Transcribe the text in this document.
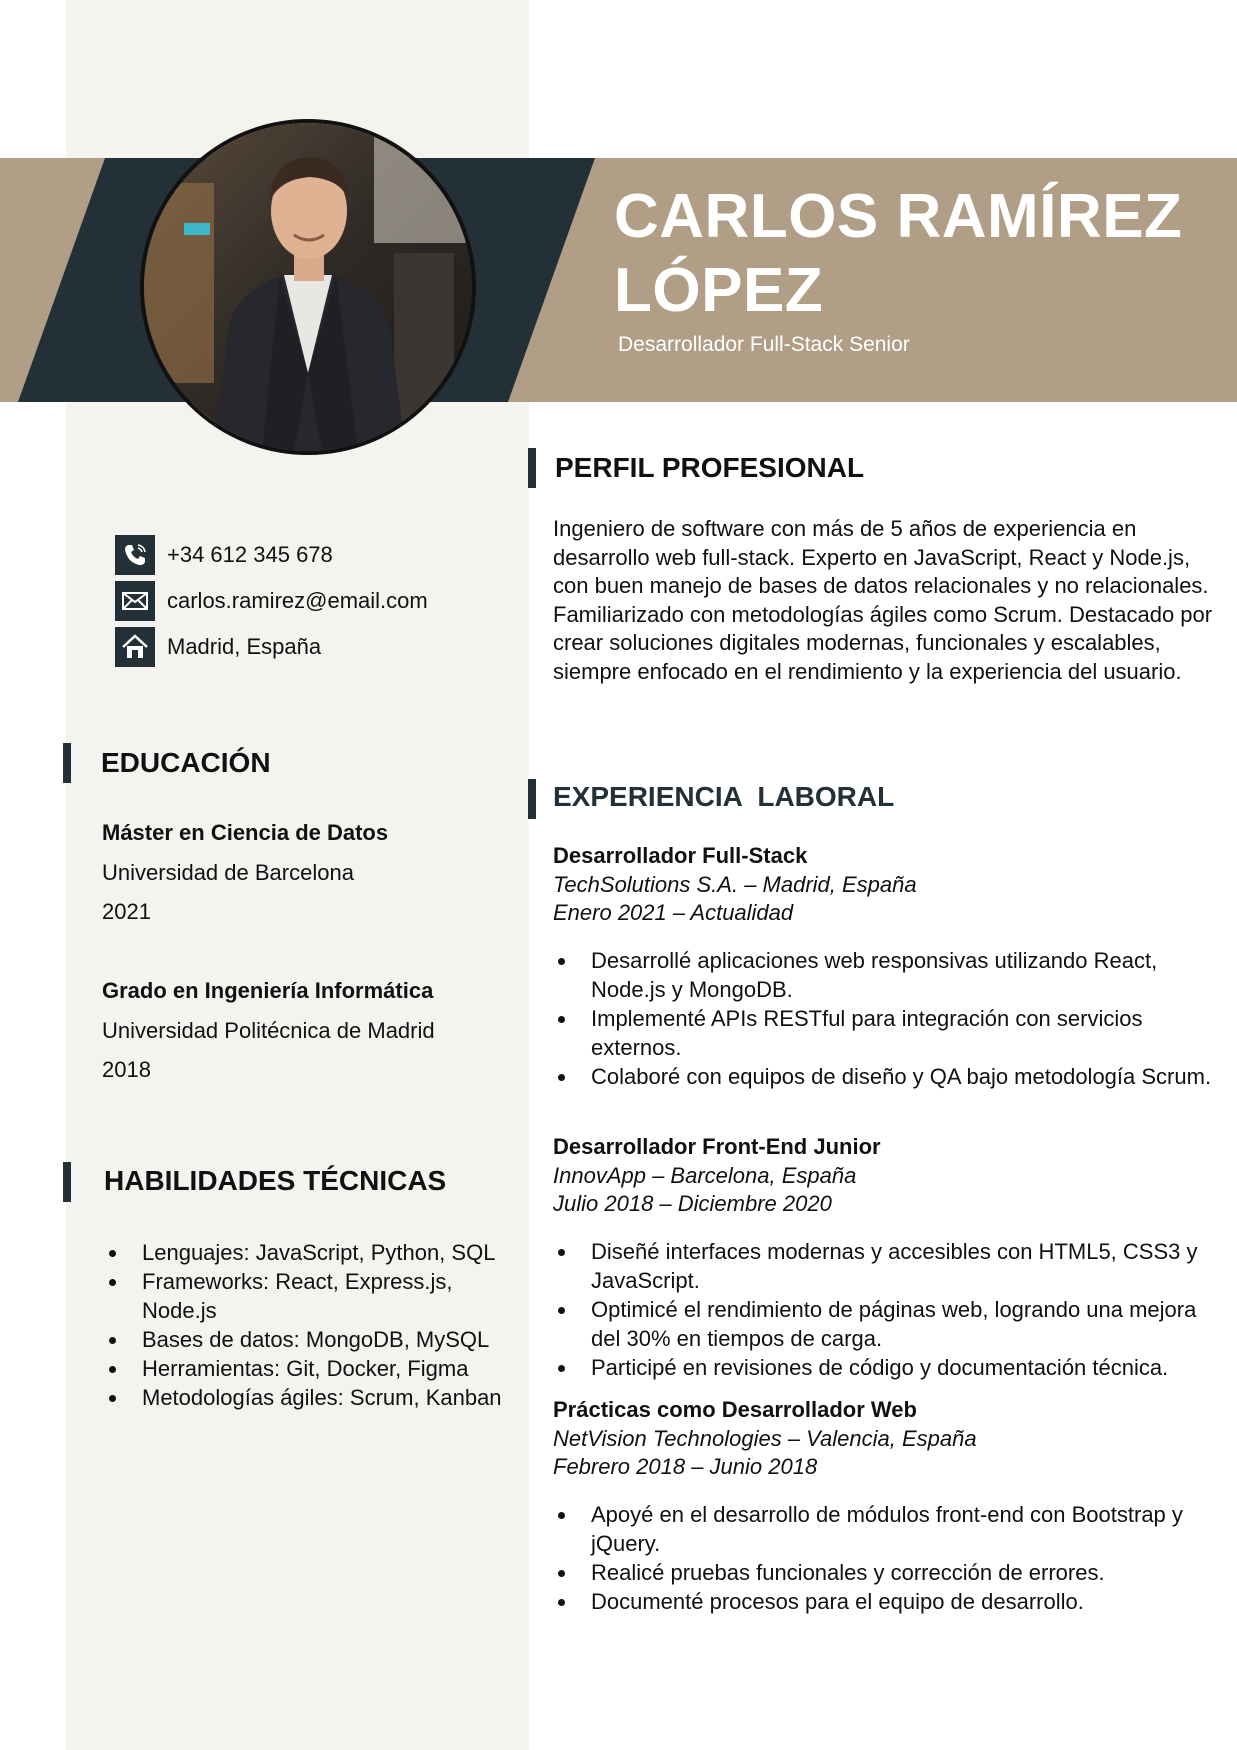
CARLOS RAMÍREZ
LÓPEZ
Desarrollador Full-Stack Senior
+34 612 345 678
carlos.ramirez@email.com
Madrid, España
EDUCACIÓN
Máster en Ciencia de Datos
Universidad de Barcelona
2021
Grado en Ingeniería Informática
Universidad Politécnica de Madrid
2018
HABILIDADES TÉCNICAS
Lenguajes: JavaScript, Python, SQL
Frameworks: React, Express.js, Node.js
Bases de datos: MongoDB, MySQL
Herramientas: Git, Docker, Figma
Metodologías ágiles: Scrum, Kanban
PERFIL PROFESIONAL

Ingeniero de software con más de 5 años de experiencia en desarrollo web full-stack. Experto en JavaScript, React y Node.js, con buen manejo de bases de datos relacionales y no relacionales. Familiarizado con metodologías ágiles como Scrum. Destacado por crear soluciones digitales modernas, funcionales y escalables, siempre enfocado en el rendimiento y la experiencia del usuario.

EXPERIENCIA  LABORAL
Desarrollador Full-Stack
TechSolutions S.A. – Madrid, España
Enero 2021 – Actualidad
Desarrollé aplicaciones web responsivas utilizando React, Node.js y MongoDB.
Implementé APIs RESTful para integración con servicios externos.
Colaboré con equipos de diseño y QA bajo metodología Scrum.
Desarrollador Front-End Junior
InnovApp – Barcelona, España
Julio 2018 – Diciembre 2020
Diseñé interfaces modernas y accesibles con HTML5, CSS3 y JavaScript.
Optimicé el rendimiento de páginas web, logrando una mejora del 30% en tiempos de carga.
Participé en revisiones de código y documentación técnica.
Prácticas como Desarrollador Web
NetVision Technologies – Valencia, España
Febrero 2018 – Junio 2018
Apoyé en el desarrollo de módulos front-end con Bootstrap y jQuery.
Realicé pruebas funcionales y corrección de errores.
Documenté procesos para el equipo de desarrollo.
